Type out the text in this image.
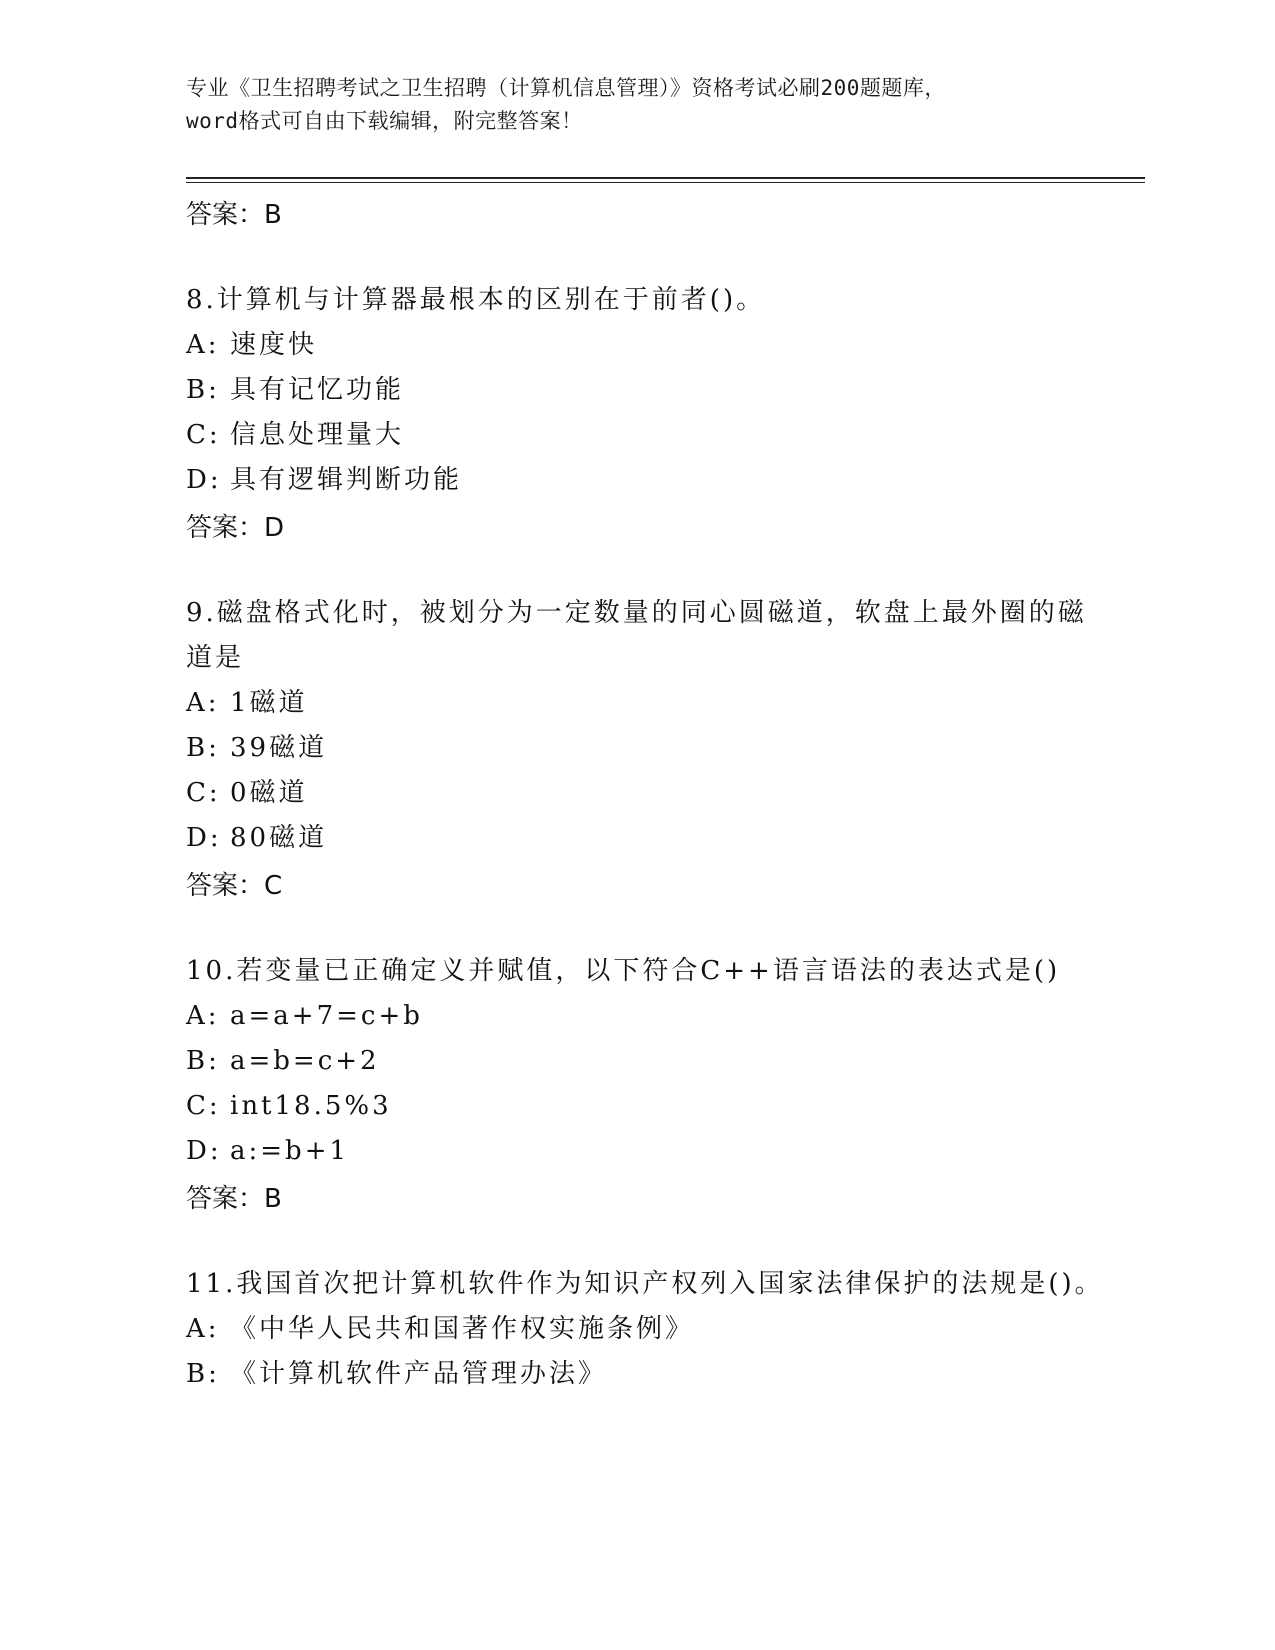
专业《卫生招聘考试之卫生招聘（计算机信息管理）》资格考试必刷200题题库，
word格式可自由下载编辑，附完整答案！
答案：B
8.计算机与计算器最根本的区别在于前者()。
A: 速度快
B: 具有记忆功能
C: 信息处理量大
D: 具有逻辑判断功能
答案：D
9.磁盘格式化时，被划分为一定数量的同心圆磁道，软盘上最外圈的磁道是
A: 1磁道
B: 39磁道
C: 0磁道
D: 80磁道
答案：C
10.若变量已正确定义并赋值，以下符合C++语言语法的表达式是()
A: a=a+7=c+b
B: a=b=c+2
C: int18.5%3
D: a:=b+1
答案：B
11.我国首次把计算机软件作为知识产权列入国家法律保护的法规是()。
A: 《中华人民共和国著作权实施条例》
B: 《计算机软件产品管理办法》
